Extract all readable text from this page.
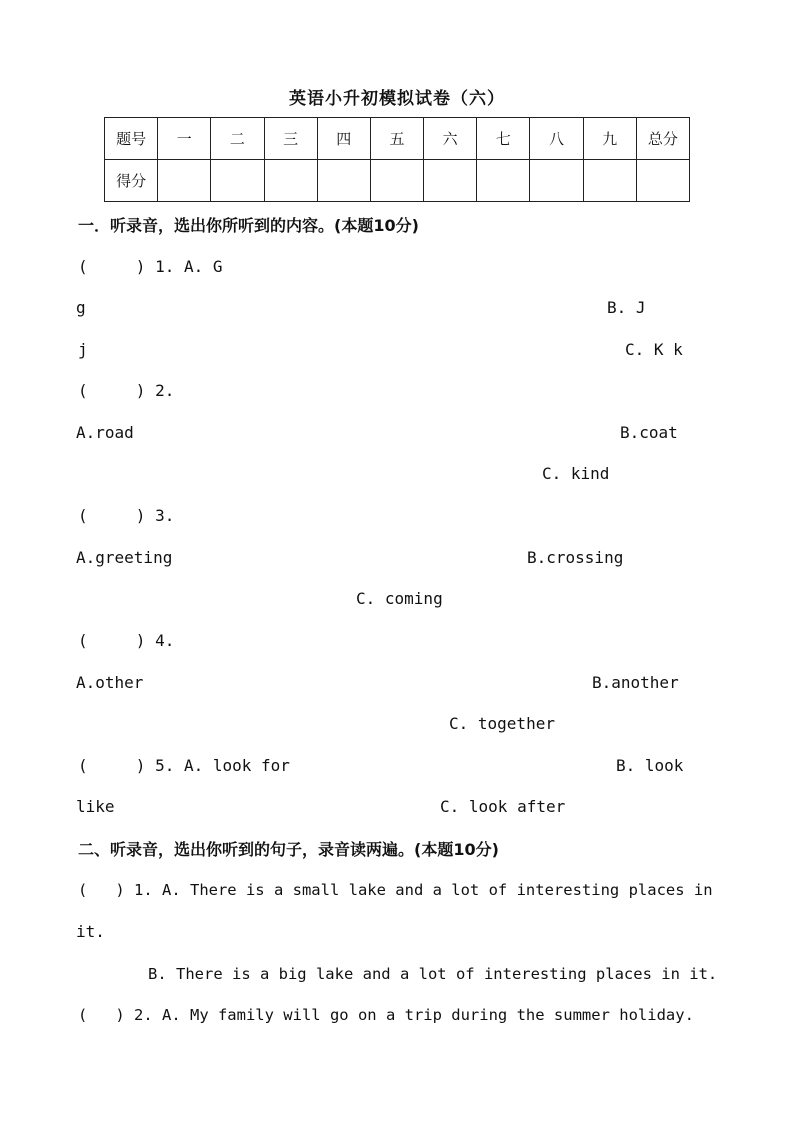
英语小升初模拟试卷（六）
题号	一	二	三	四	五	六	七	八	九	总分
得分										
一．听录音，选出你所听到的内容。(本题10分)
(     ) 1. A. G
g	B. J
j	C. K k
(     ) 2.
A.road	B.coat
C. kind
(     ) 3.
A.greeting	B.crossing
C. coming
(     ) 4.
A.other	B.another
C. together
(     ) 5. A. look for	B. look
like	C. look after
二、听录音，选出你听到的句子，录音读两遍。(本题10分)
(   ) 1. A. There is a small lake and a lot of interesting places in
it.
B. There is a big lake and a lot of interesting places in it.
(   ) 2. A. My family will go on a trip during the summer holiday.
